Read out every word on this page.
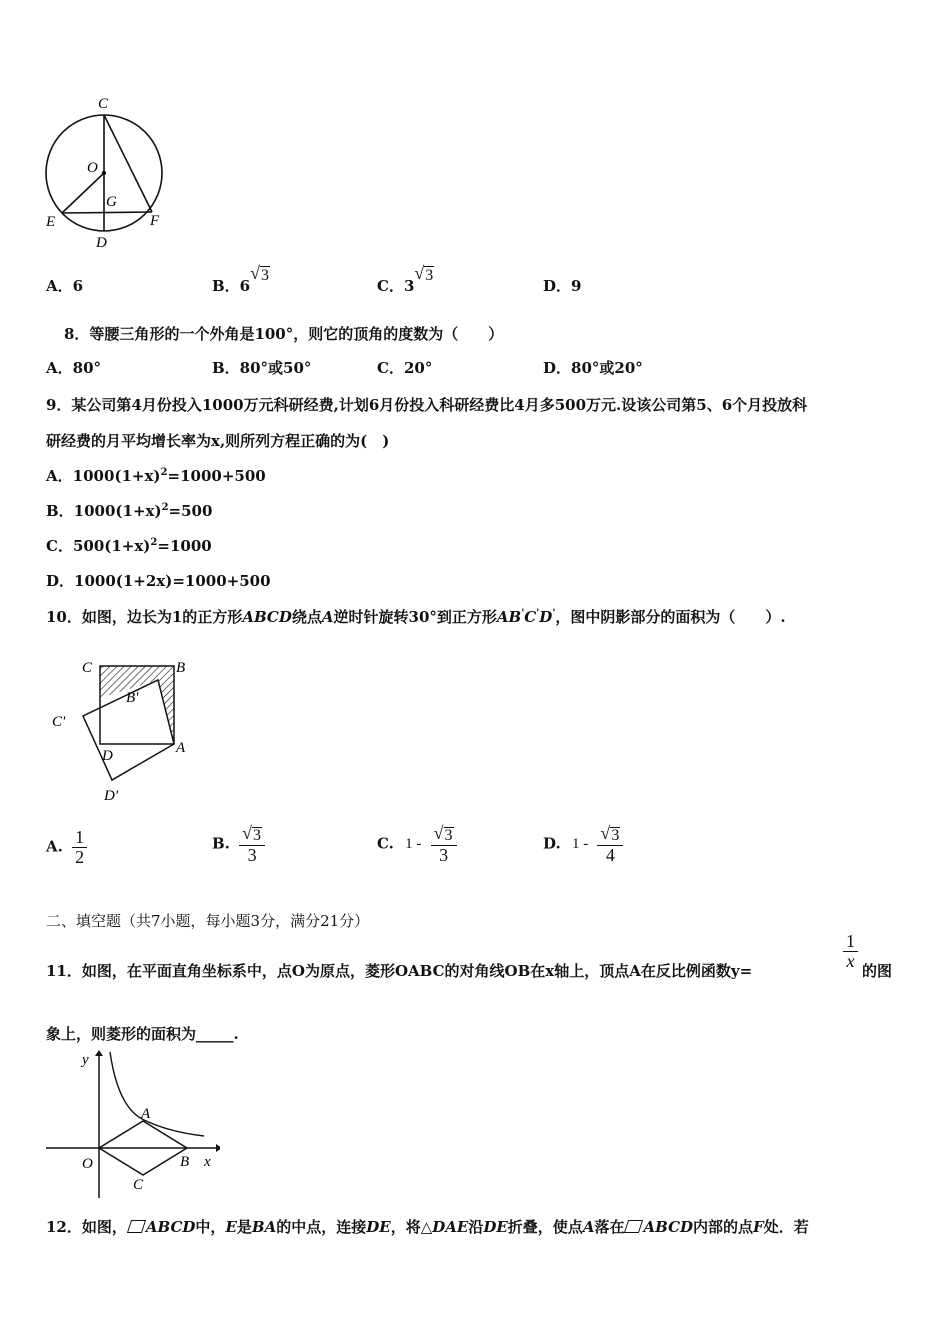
C
O
G
E	F
D
A．6	B．6
√ 3
C．3
√ 3
D．9
8．等腰三角形的一个外角是100°，则它的顶角的度数为（　　）
A．80°	B．80°或50°	C．20°	D．80°或20°
9．某公司第4月份投入1000万元科研经费,计划6月份投入科研经费比4月多500万元.设该公司第5、6个月投放科
研经费的月平均增长率为x,则所列方程正确的为(　)
A．$1000(1+x)^2=1000+500$
B．$1000(1+x)^2=500$
C．$500(1+x)^2=1000$
D．1000(1+2x)=1000+500
10．如图，边长为1的正方形ABCD绕点A逆时针旋转30°到正方形AB'C'D'，图中阴影部分的面积为（　　）.
C	B
B'
C'
D	A
D'
A. $\frac{1}{2}$	B. $\frac{√ 3}{3}$	C. $1 - \frac{√ 3}{3}$	D. $1 - \frac{√ 3}{4}$
二、填空题（共7小题，每小题3分，满分21分）
11．如图，在平面直角坐标系中，点O为原点，菱形OABC的对角线OB在x轴上，顶点A在反比例函数y=
$\frac{1}{x}$
的图
象上，则菱形的面积为_____.
y
A
O	B x
C
12．如图， ABCD中，E是BA的中点，连接DE，将△DAE沿DE折叠，使点A落在 ABCD内部的点F处．若
